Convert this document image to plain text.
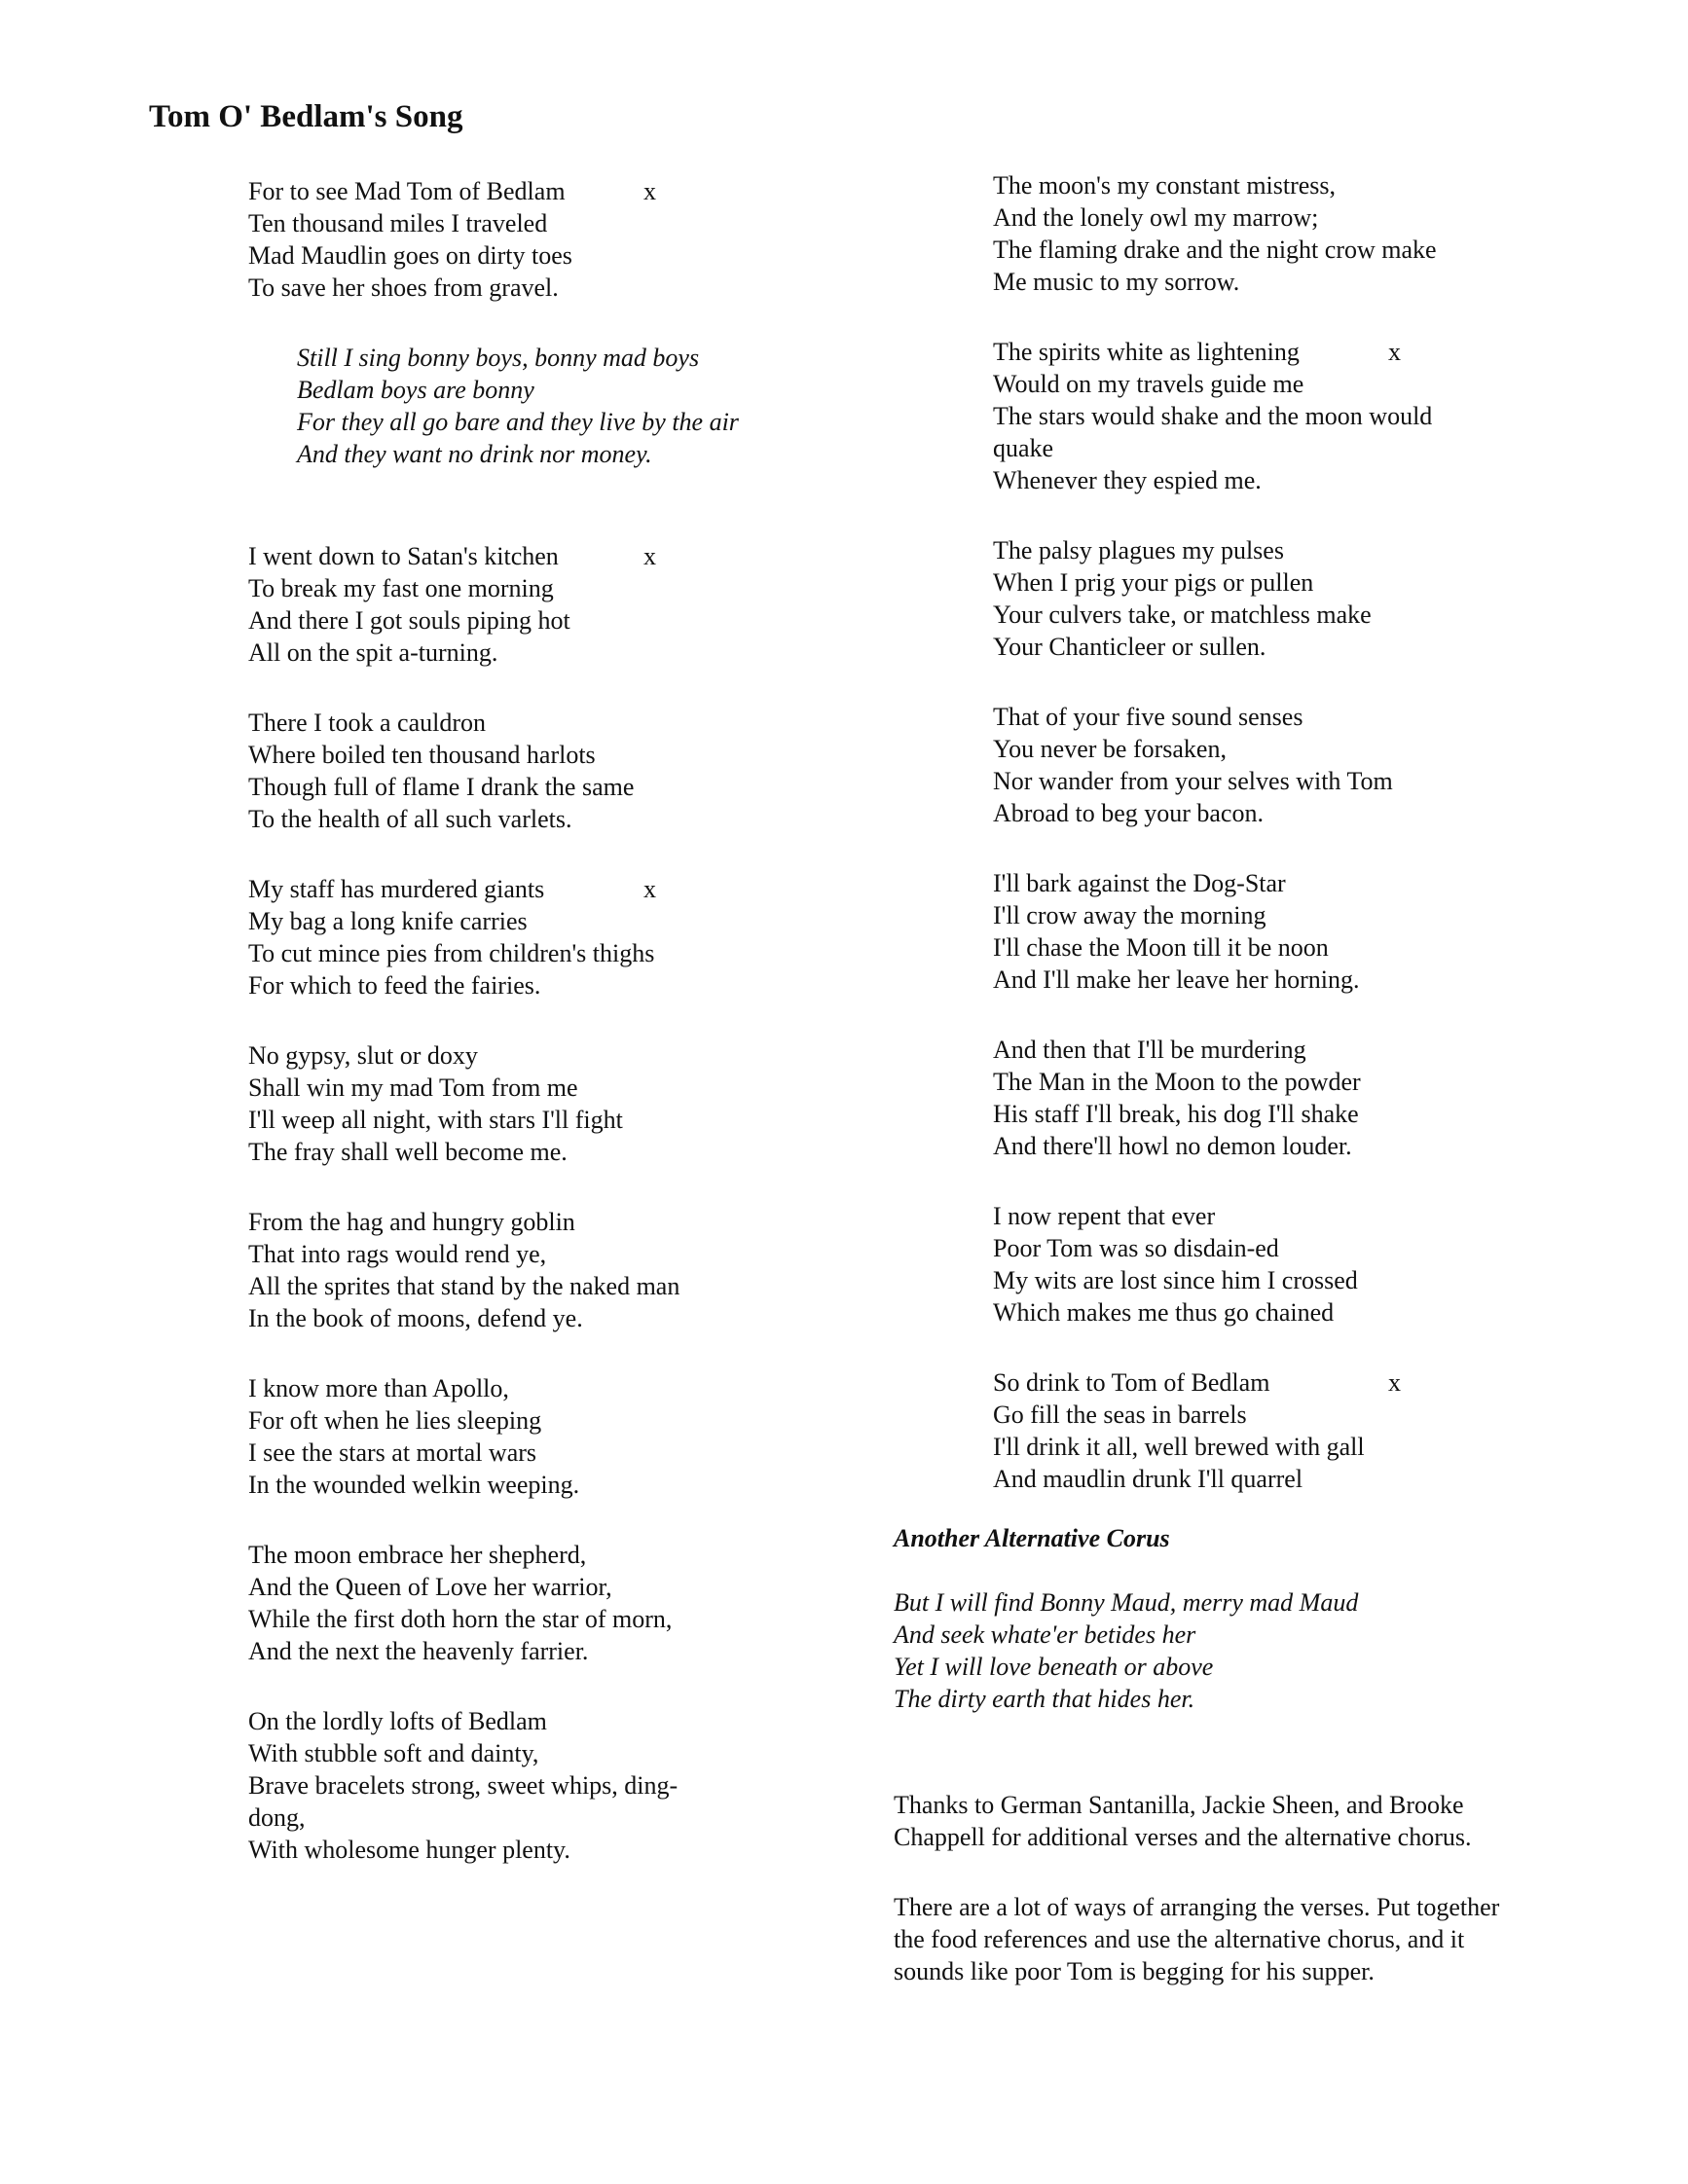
Tom O' Bedlam's Song
x
For to see Mad Tom of Bedlam
Ten thousand miles I traveled
Mad Maudlin goes on dirty toes
To save her shoes from gravel.
Still I sing bonny boys, bonny mad boys
Bedlam boys are bonny
For they all go bare and they live by the air
And they want no drink nor money.
x
I went down to Satan's kitchen
To break my fast one morning
And there I got souls piping hot
All on the spit a-turning.
There I took a cauldron
Where boiled ten thousand harlots
Though full of flame I drank the same
To the health of all such varlets.
x
My staff has murdered giants
My bag a long knife carries
To cut mince pies from children's thighs
For which to feed the fairies.
No gypsy, slut or doxy
Shall win my mad Tom from me
I'll weep all night, with stars I'll fight
The fray shall well become me.
From the hag and hungry goblin
That into rags would rend ye,
All the sprites that stand by the naked man
In the book of moons, defend ye.
I know more than Apollo,
For oft when he lies sleeping
I see the stars at mortal wars
In the wounded welkin weeping.
The moon embrace her shepherd,
And the Queen of Love her warrior,
While the first doth horn the star of morn,
And the next the heavenly farrier.
On the lordly lofts of Bedlam
With stubble soft and dainty,
Brave bracelets strong, sweet whips, ding-
dong,
With wholesome hunger plenty.
The moon's my constant mistress,
And the lonely owl my marrow;
The flaming drake and the night crow make
Me music to my sorrow.
x
The spirits white as lightening
Would on my travels guide me
The stars would shake and the moon would
quake
Whenever they espied me.
The palsy plagues my pulses
When I prig your pigs or pullen
Your culvers take, or matchless make
Your Chanticleer or sullen.
That of your five sound senses
You never be forsaken,
Nor wander from your selves with Tom
Abroad to beg your bacon.
I'll bark against the Dog-Star
I'll crow away the morning
I'll chase the Moon till it be noon
And I'll make her leave her horning.
And then that I'll be murdering
The Man in the Moon to the powder
His staff I'll break, his dog I'll shake
And there'll howl no demon louder.
I now repent that ever
Poor Tom was so disdain-ed
My wits are lost since him I crossed
Which makes me thus go chained
x
So drink to Tom of Bedlam
Go fill the seas in barrels
I'll drink it all, well brewed with gall
And maudlin drunk I'll quarrel
Another Alternative Corus
But I will find Bonny Maud, merry mad Maud
And seek whate'er betides her
Yet I will love beneath or above
The dirty earth that hides her.

Thanks to German Santanilla, Jackie Sheen, and Brooke
Chappell for additional verses and the alternative chorus.

There are a lot of ways of arranging the verses. Put together
the food references and use the alternative chorus, and it
sounds like poor Tom is begging for his supper.
